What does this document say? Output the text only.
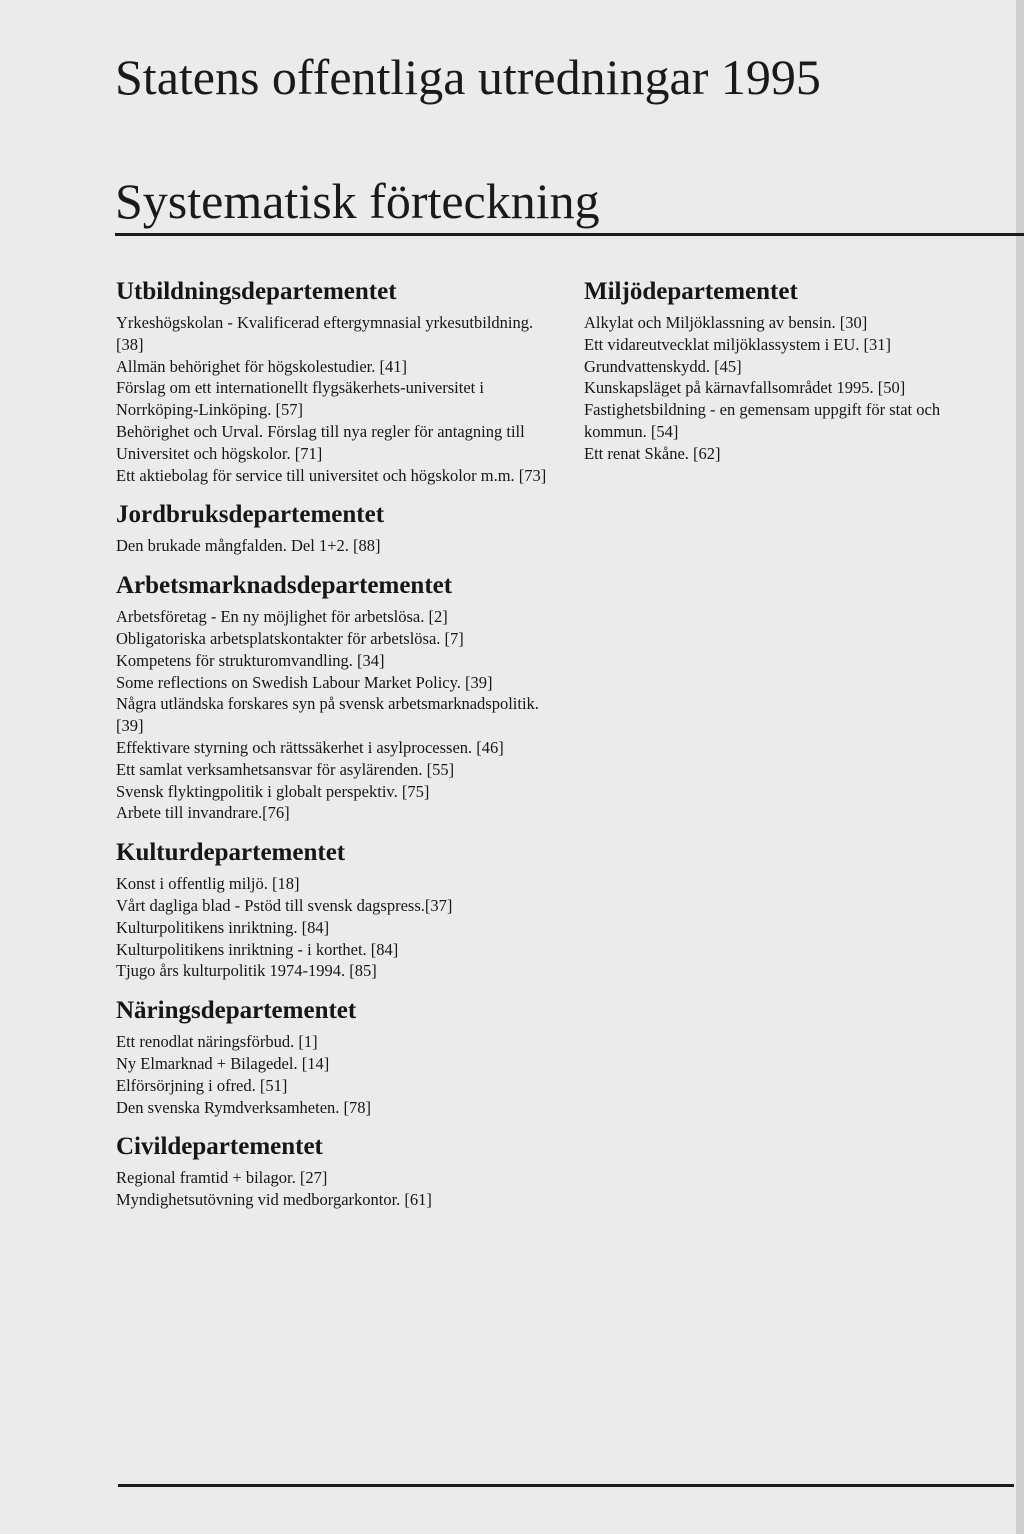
Statens offentliga utredningar 1995
Systematisk förteckning
Utbildningsdepartementet

Yrkeshögskolan - Kvalificerad eftergymnasial yrkesutbildning. [38]

Allmän behörighet för högskolestudier. [41]

Förslag om ett internationellt flygsäkerhets-universitet i Norrköping-Linköping. [57]

Behörighet och Urval. Förslag till nya regler för antagning till Universitet och högskolor. [71]

Ett aktiebolag för service till universitet och högskolor m.m. [73]

Jordbruksdepartementet

Den brukade mångfalden. Del 1+2. [88]

Arbetsmarknadsdepartementet

Arbetsföretag - En ny möjlighet för arbetslösa. [2]

Obligatoriska arbetsplatskontakter för arbetslösa. [7]

Kompetens för strukturomvandling. [34]

Some reflections on Swedish Labour Market Policy. [39]

Några utländska forskares syn på svensk arbetsmarknadspolitik. [39]

Effektivare styrning och rättssäkerhet i asylprocessen. [46]

Ett samlat verksamhetsansvar för asylärenden. [55]

Svensk flyktingpolitik i globalt perspektiv. [75]

Arbete till invandrare.[76]

Kulturdepartementet

Konst i offentlig miljö. [18]

Vårt dagliga blad - Pstöd till svensk dagspress.[37]

Kulturpolitikens inriktning. [84]

Kulturpolitikens inriktning - i korthet. [84]

Tjugo års kulturpolitik 1974-1994. [85]

Näringsdepartementet

Ett renodlat näringsförbud. [1]

Ny Elmarknad + Bilagedel. [14]

Elförsörjning i ofred. [51]

Den svenska Rymdverksamheten. [78]

Civildepartementet

Regional framtid + bilagor. [27]

Myndighetsutövning vid medborgarkontor. [61]

Miljödepartementet

Alkylat och Miljöklassning av bensin. [30]

Ett vidareutvecklat miljöklassystem i EU. [31]

Grundvattenskydd. [45]

Kunskapsläget på kärnavfallsområdet 1995. [50]

Fastighetsbildning - en gemensam uppgift för stat och kommun. [54]

Ett renat Skåne. [62]
